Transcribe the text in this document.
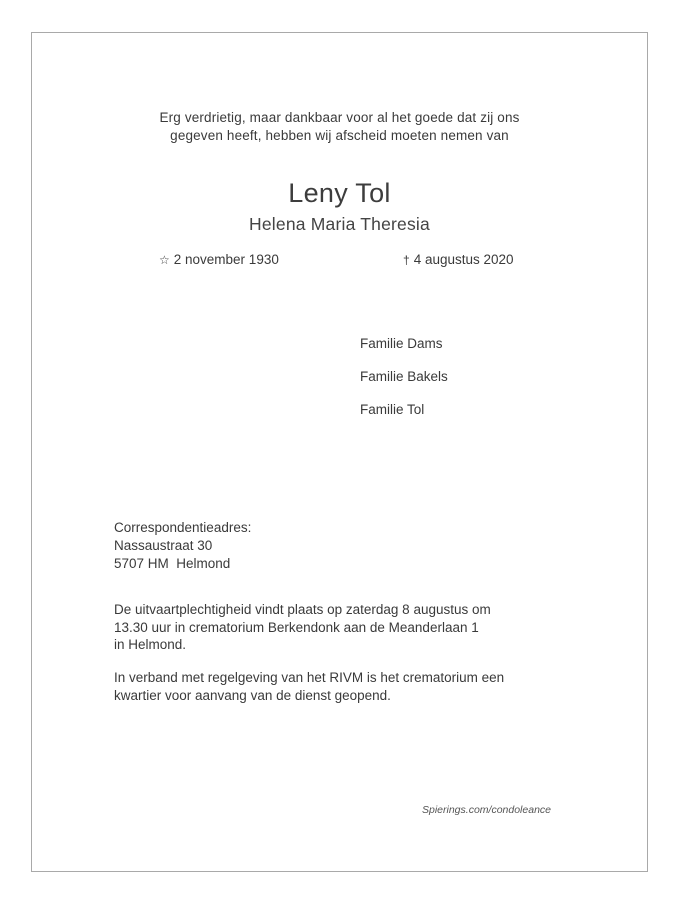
Erg verdrietig, maar dankbaar voor al het goede dat zij ons
gegeven heeft, hebben wij afscheid moeten nemen van
Leny Tol
Helena Maria Theresia
☆ 2 november 1930	† 4 augustus 2020
Familie Dams
Familie Bakels
Familie Tol
Correspondentieadres:
Nassaustraat 30
5707 HM  Helmond
De uitvaartplechtigheid vindt plaats op zaterdag 8 augustus om
13.30 uur in crematorium Berkendonk aan de Meanderlaan 1
in Helmond.
In verband met regelgeving van het RIVM is het crematorium een
kwartier voor aanvang van de dienst geopend.
Spierings.com/condoleance
